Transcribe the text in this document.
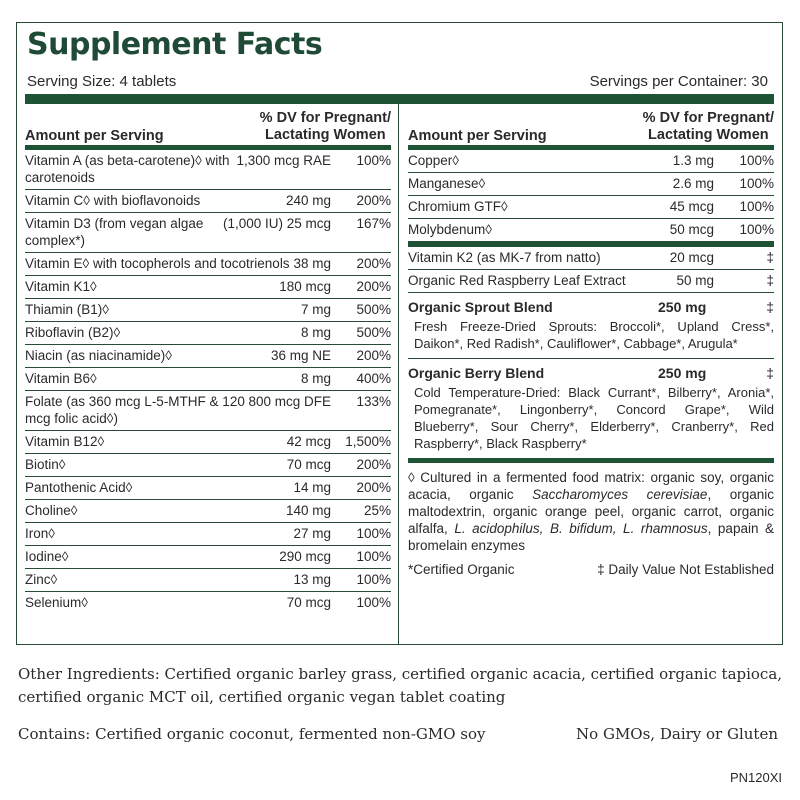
Supplement Facts
Serving Size: 4 tablets	Servings per Container: 30
Amount per Serving
% DV for Pregnant/
Lactating Women
Vitamin A (as beta-carotene)◊ with carotenoids
1,300 mcg RAE	100%
Vitamin C◊ with bioflavonoids	240 mg	200%
Vitamin D3 (from vegan algae complex*)
(1,000 IU) 25 mcg	167%
Vitamin E◊ with tocopherols and tocotrienols 38 mg	200%
Vitamin K1◊	180 mcg	200%
Thiamin (B1)◊	7 mg	500%
Riboflavin (B2)◊	8 mg	500%
Niacin (as niacinamide)◊	36 mg NE	200%
Vitamin B6◊	8 mg	400%
Folate (as 360 mcg L-5-MTHF & 120 mcg folic acid◊)
800 mcg DFE	133%
Vitamin B12◊	42 mcg	1,500%
Biotin◊	70 mcg	200%
Pantothenic Acid◊	14 mg	200%
Choline◊	140 mg	25%
Iron◊	27 mg	100%
Iodine◊	290 mcg	100%
Zinc◊	13 mg	100%
Selenium◊	70 mcg	100%
Amount per Serving
% DV for Pregnant/
Lactating Women
Copper◊	1.3 mg	100%
Manganese◊	2.6 mg	100%
Chromium GTF◊	45 mcg	100%
Molybdenum◊	50 mcg	100%
Vitamin K2 (as MK-7 from natto)	20 mcg	‡
Organic Red Raspberry Leaf Extract	50 mg	‡
Organic Sprout Blend	250 mg	‡
Fresh Freeze-Dried Sprouts: Broccoli*, Upland Cress*, Daikon*, Red Radish*, Cauliflower*, Cabbage*, Arugula*
Organic Berry Blend	250 mg	‡
Cold Temperature-Dried: Black Currant*, Bilberry*, Aronia*, Pomegranate*, Lingonberry*, Concord Grape*, Wild Blueberry*, Sour Cherry*, Elderberry*, Cranberry*, Red Raspberry*, Black Raspberry*
◊ Cultured in a fermented food matrix: organic soy, organic acacia, organic Saccharomyces cerevisiae, organic maltodextrin, organic orange peel, organic carrot, organic alfalfa, L. acidophilus, B. bifidum, L. rhamnosus, papain & bromelain enzymes
*Certified Organic	‡ Daily Value Not Established
Other Ingredients: Certified organic barley grass, certified organic acacia, certified organic tapioca, certified organic MCT oil, certified organic vegan tablet coating
Contains: Certified organic coconut, fermented non-GMO soy	No GMOs, Dairy or Gluten
PN120XI
